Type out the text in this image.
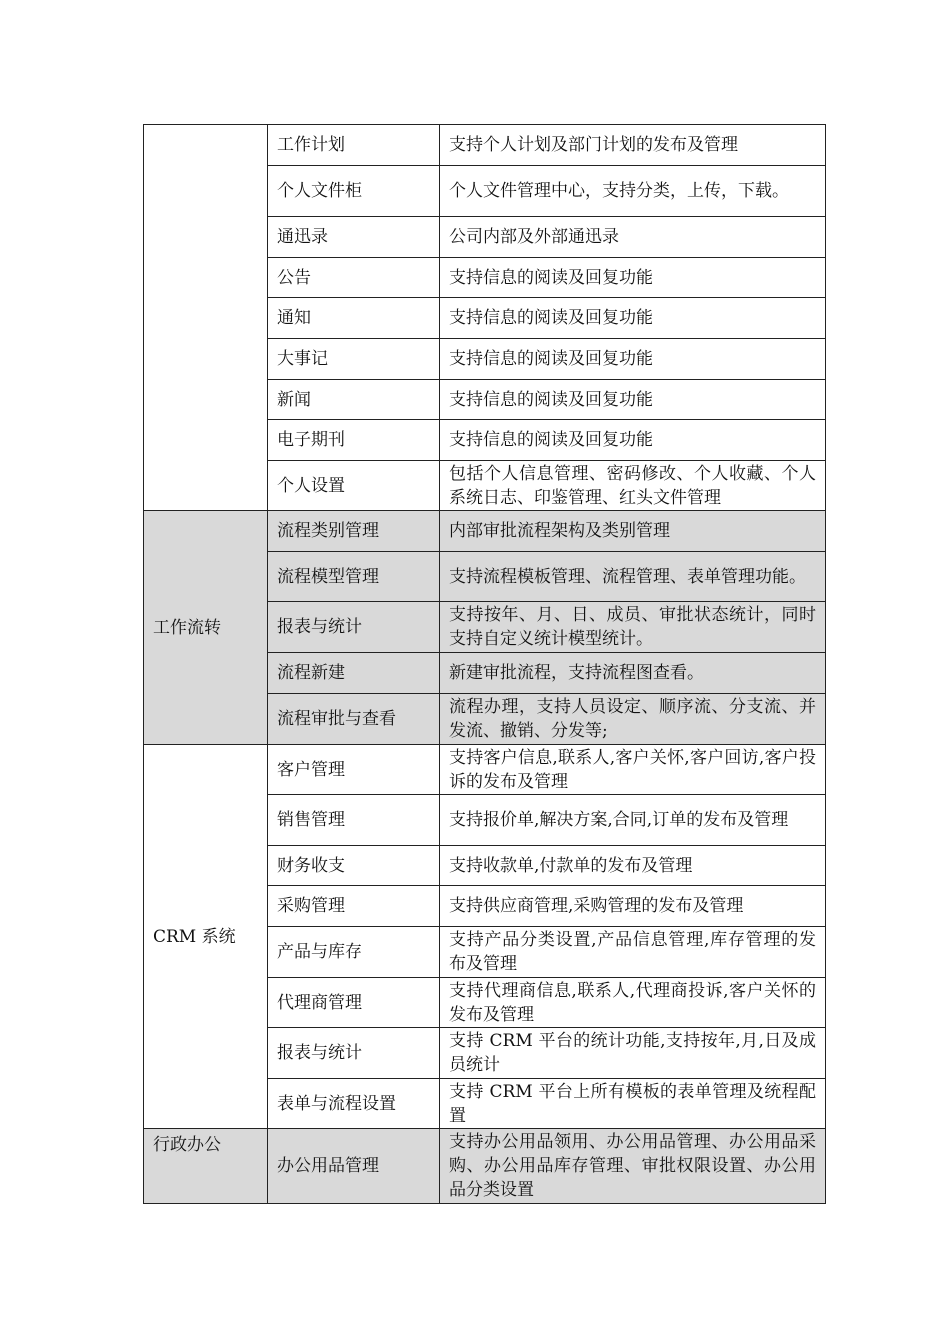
	工作计划	支持个人计划及部门计划的发布及管理
	个人文件柜	个人文件管理中心，支持分类，上传，下载。
	通迅录	公司内部及外部通迅录
	公告	支持信息的阅读及回复功能
	通知	支持信息的阅读及回复功能
	大事记	支持信息的阅读及回复功能
	新闻	支持信息的阅读及回复功能
	电子期刊	支持信息的阅读及回复功能
	个人设置	包括个人信息管理、密码修改、个人收藏、个人系统日志、印鉴管理、红头文件管理
工作流转	流程类别管理	内部审批流程架构及类别管理
	流程模型管理	支持流程模板管理、流程管理、表单管理功能。
	报表与统计	支持按年、月、日、成员、审批状态统计，同时支持自定义统计模型统计。
	流程新建	新建审批流程，支持流程图查看。
	流程审批与查看	流程办理，支持人员设定、顺序流、分支流、并发流、撤销、分发等;
CRM 系统	客户管理	支持客户信息,联系人,客户关怀,客户回访,客户投诉的发布及管理
	销售管理	支持报价单,解决方案,合同,订单的发布及管理
	财务收支	支持收款单,付款单的发布及管理
	采购管理	支持供应商管理,采购管理的发布及管理
	产品与库存	支持产品分类设置,产品信息管理,库存管理的发布及管理
	代理商管理	支持代理商信息,联系人,代理商投诉,客户关怀的发布及管理
	报表与统计	支持 CRM 平台的统计功能,支持按年,月,日及成员统计
	表单与流程设置	支持 CRM 平台上所有模板的表单管理及统程配置
行政办公	办公用品管理	支持办公用品领用、办公用品管理、办公用品采购、办公用品库存管理、审批权限设置、办公用品分类设置
